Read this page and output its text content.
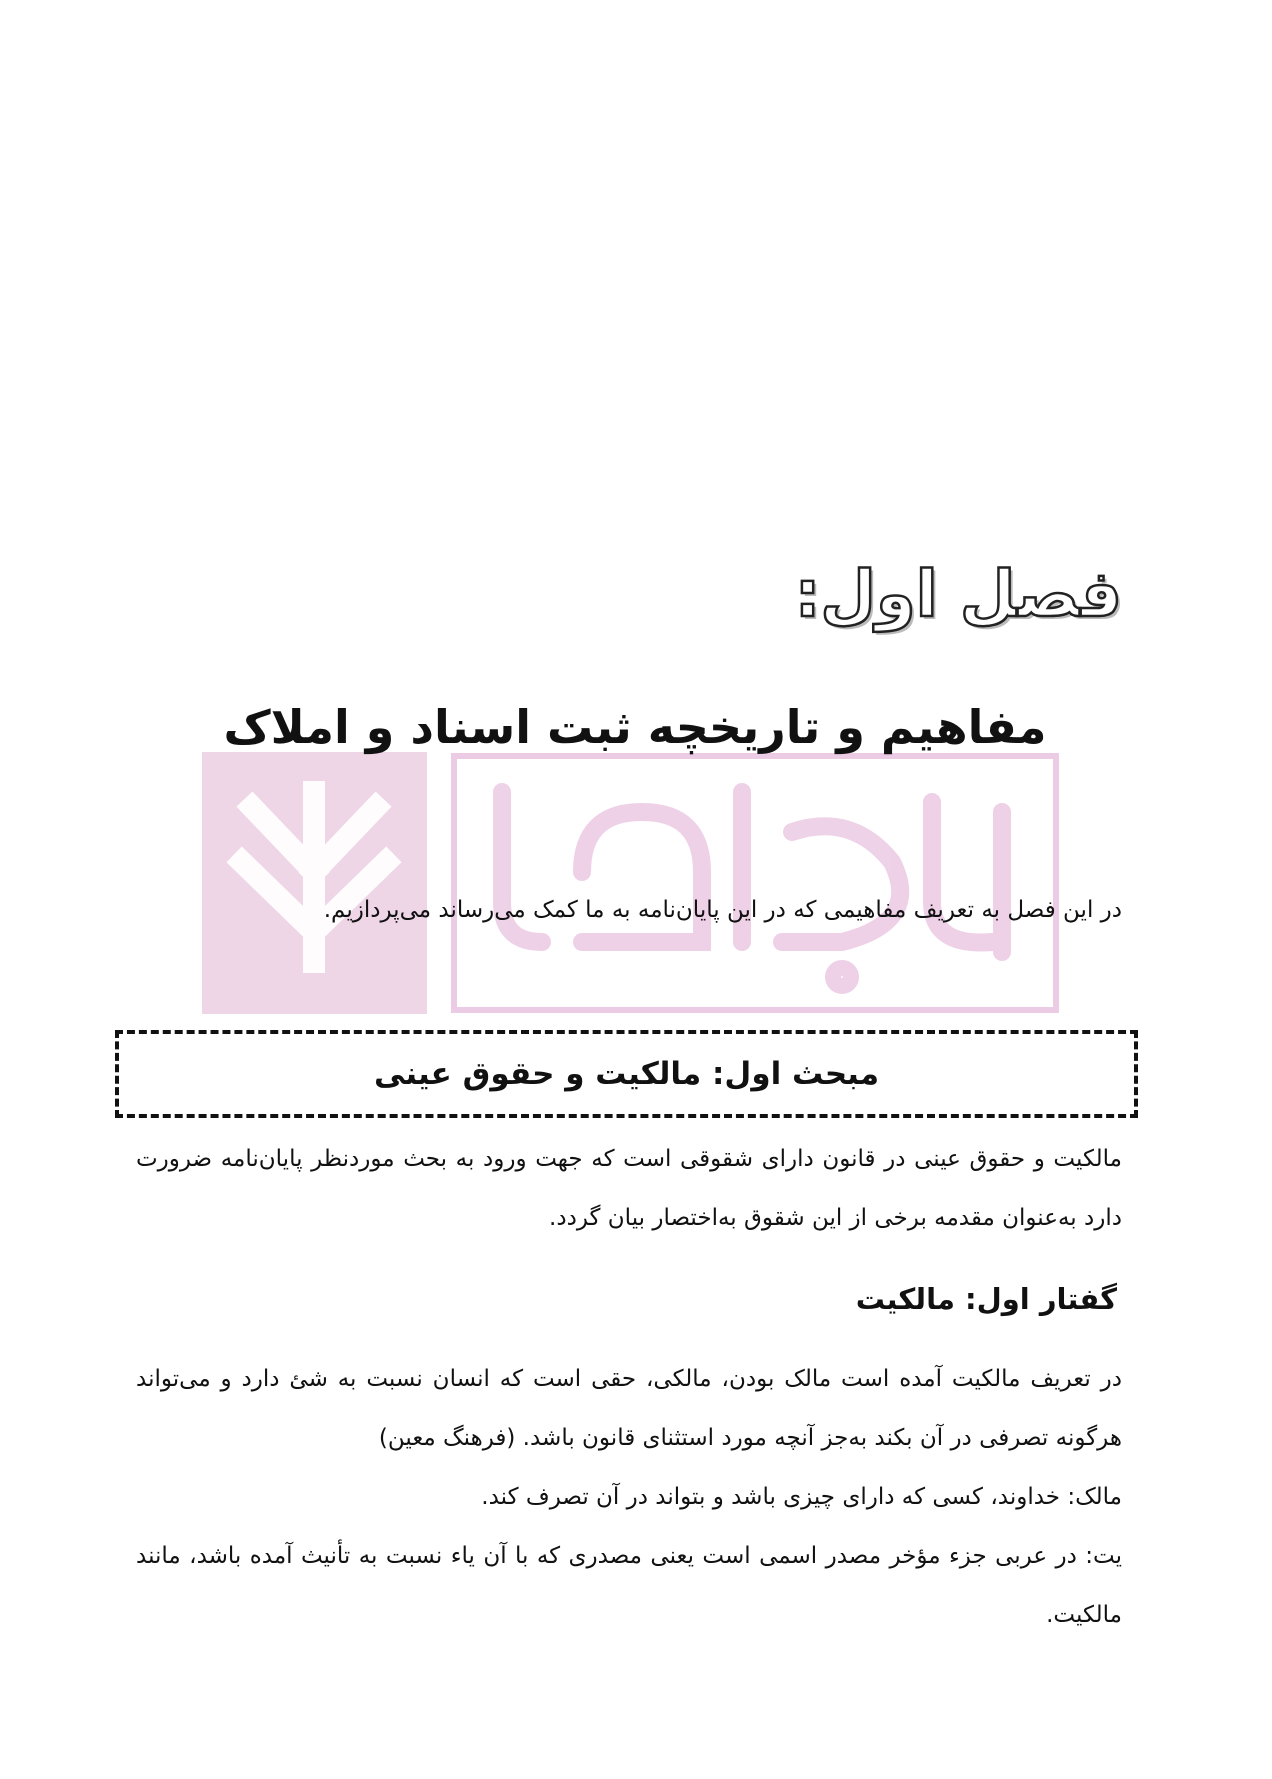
فصل اول:
مفاهیم و تاریخچه ثبت اسناد و املاک
در این فصل به تعریف مفاهیمی که در این پایان‌نامه به ما کمک می‌رساند می‌پردازیم.
مبحث اول: مالکیت و حقوق عینی
مالکیت و حقوق عینی در قانون دارای شقوقی است که جهت ورود به بحث موردنظر پایان‌نامه ضرورت دارد به‌عنوان مقدمه برخی از این شقوق به‌اختصار بیان گردد.
گفتار اول: مالکیت

در تعریف مالکیت آمده است مالک بودن، مالکی، حقی است که انسان نسبت به شئ دارد و می‌تواند هرگونه تصرفی در آن بکند به‌جز آنچه مورد استثنای قانون باشد. (فرهنگ معین)

مالک: خداوند، کسی که دارای چیزی باشد و بتواند در آن تصرف کند.

یت: در عربی جزء مؤخر مصدر اسمی است یعنی مصدری که با آن یاء نسبت به تأنیث آمده باشد، مانند مالکیت.
